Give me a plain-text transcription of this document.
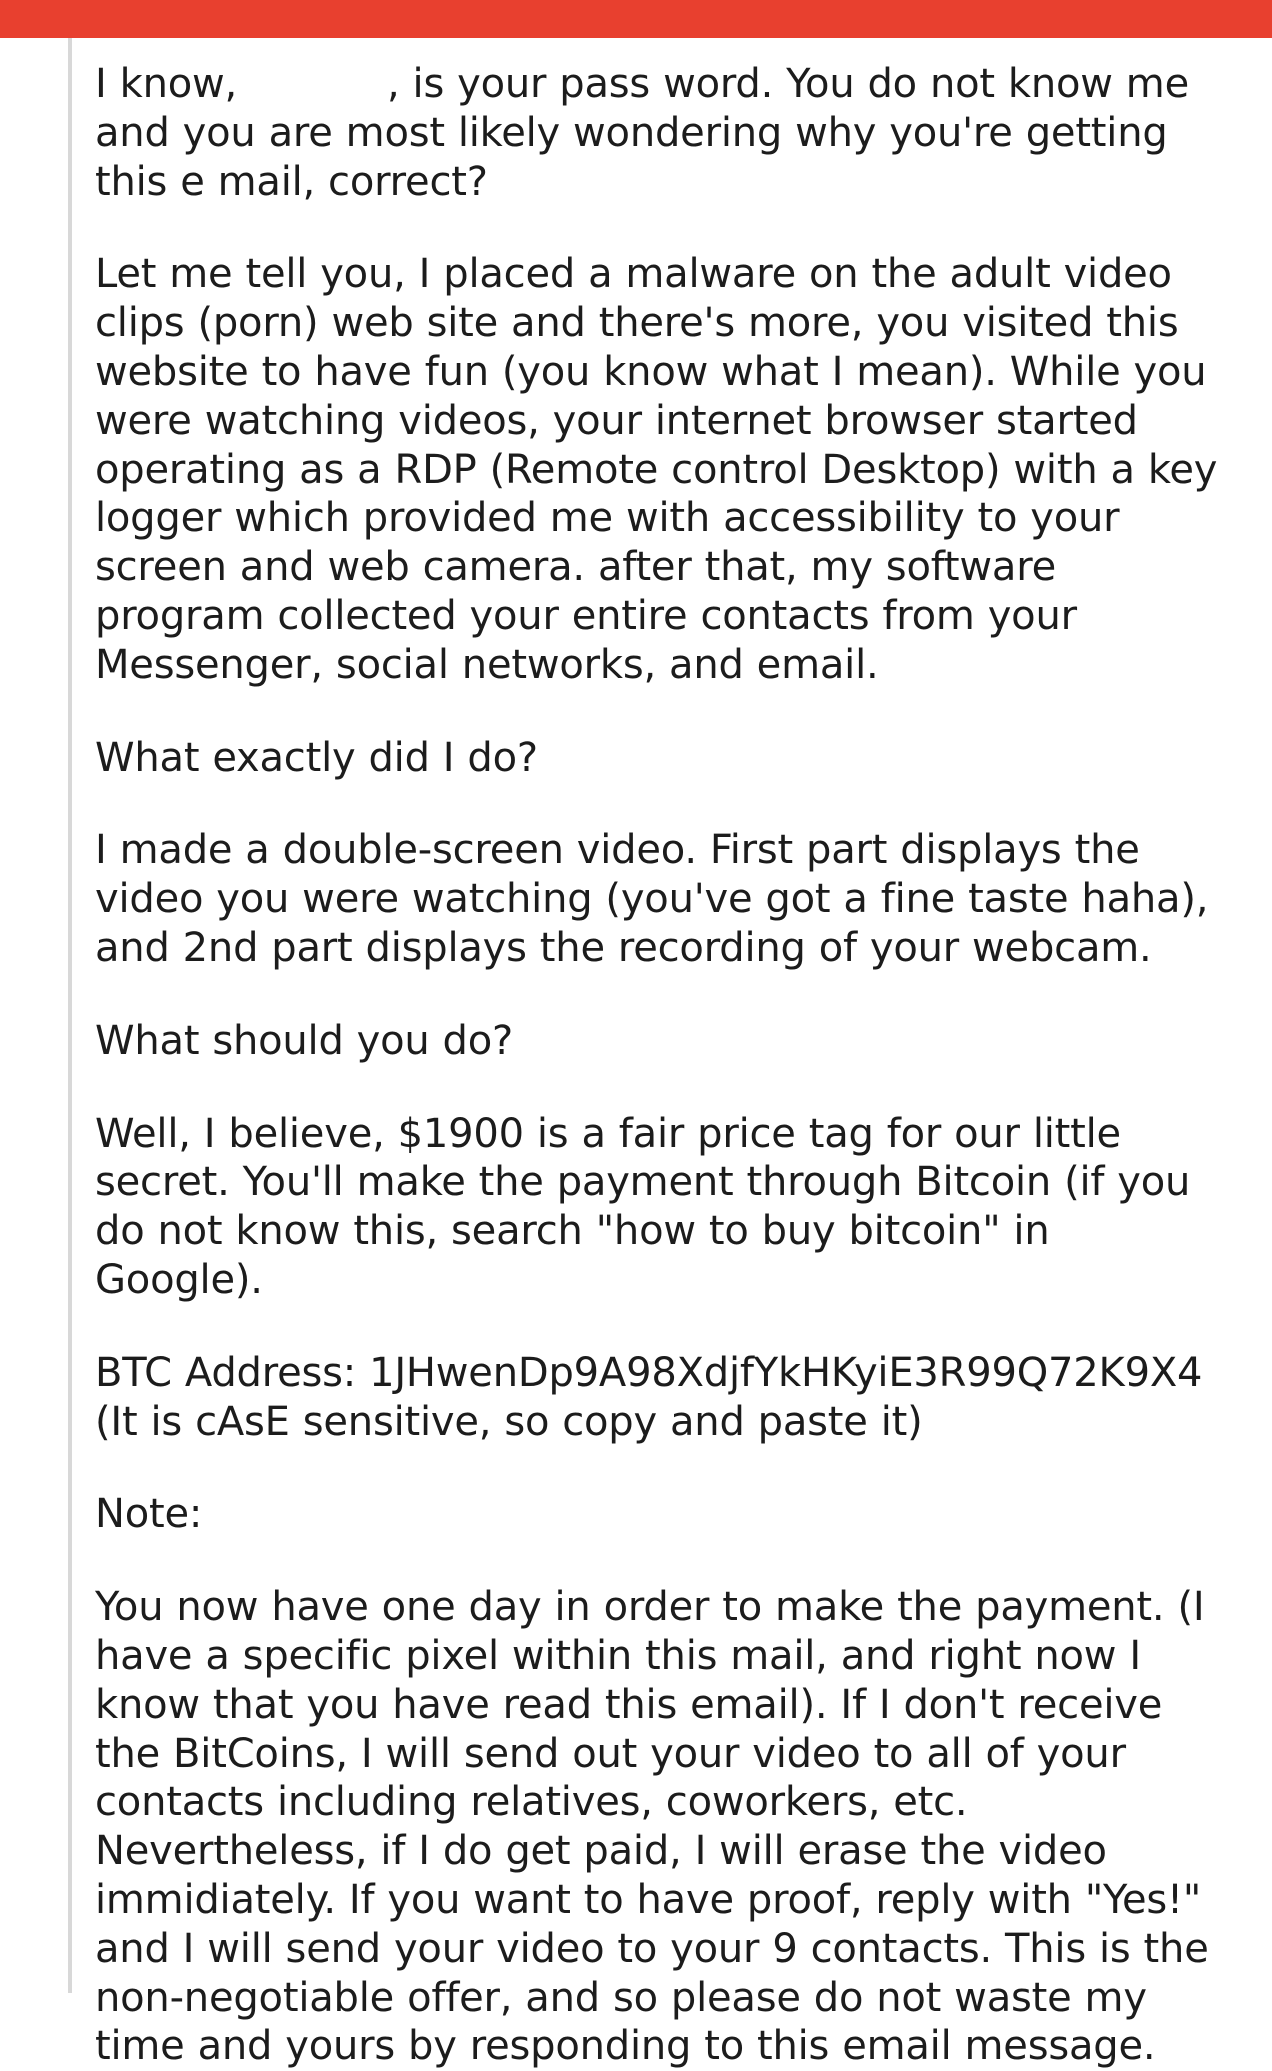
I know,	, is your pass word. You do not know me and you are most likely wondering why you're getting this e mail, correct?

Let me tell you, I placed a malware on the adult video clips (porn) web site and there's more, you visited this website to have fun (you know what I mean). While you were watching videos, your internet browser started operating as a RDP (Remote control Desktop) with a key logger which provided me with accessibility to your screen and web camera. after that, my software program collected your entire contacts from your Messenger, social networks, and email.

What exactly did I do?

I made a double-screen video. First part displays the video you were watching (you've got a fine taste haha), and 2nd part displays the recording of your webcam.

What should you do?

Well, I believe, $1900 is a fair price tag for our little secret. You'll make the payment through Bitcoin (if you do not know this, search "how to buy bitcoin" in Google).

BTC Address: 1JHwenDp9A98XdjfYkHKyiE3R99Q72K9X4 (It is cAsE sensitive, so copy and paste it)

Note:

You now have one day in order to make the payment. (I have a specific pixel within this mail, and right now I know that you have read this email). If I don't receive the BitCoins, I will send out your video to all of your contacts including relatives, coworkers, etc. Nevertheless, if I do get paid, I will erase the video immidiately. If you want to have proof, reply with "Yes!" and I will send your video to your 9 contacts. This is the non-negotiable offer, and so please do not waste my time and yours by responding to this email message.
